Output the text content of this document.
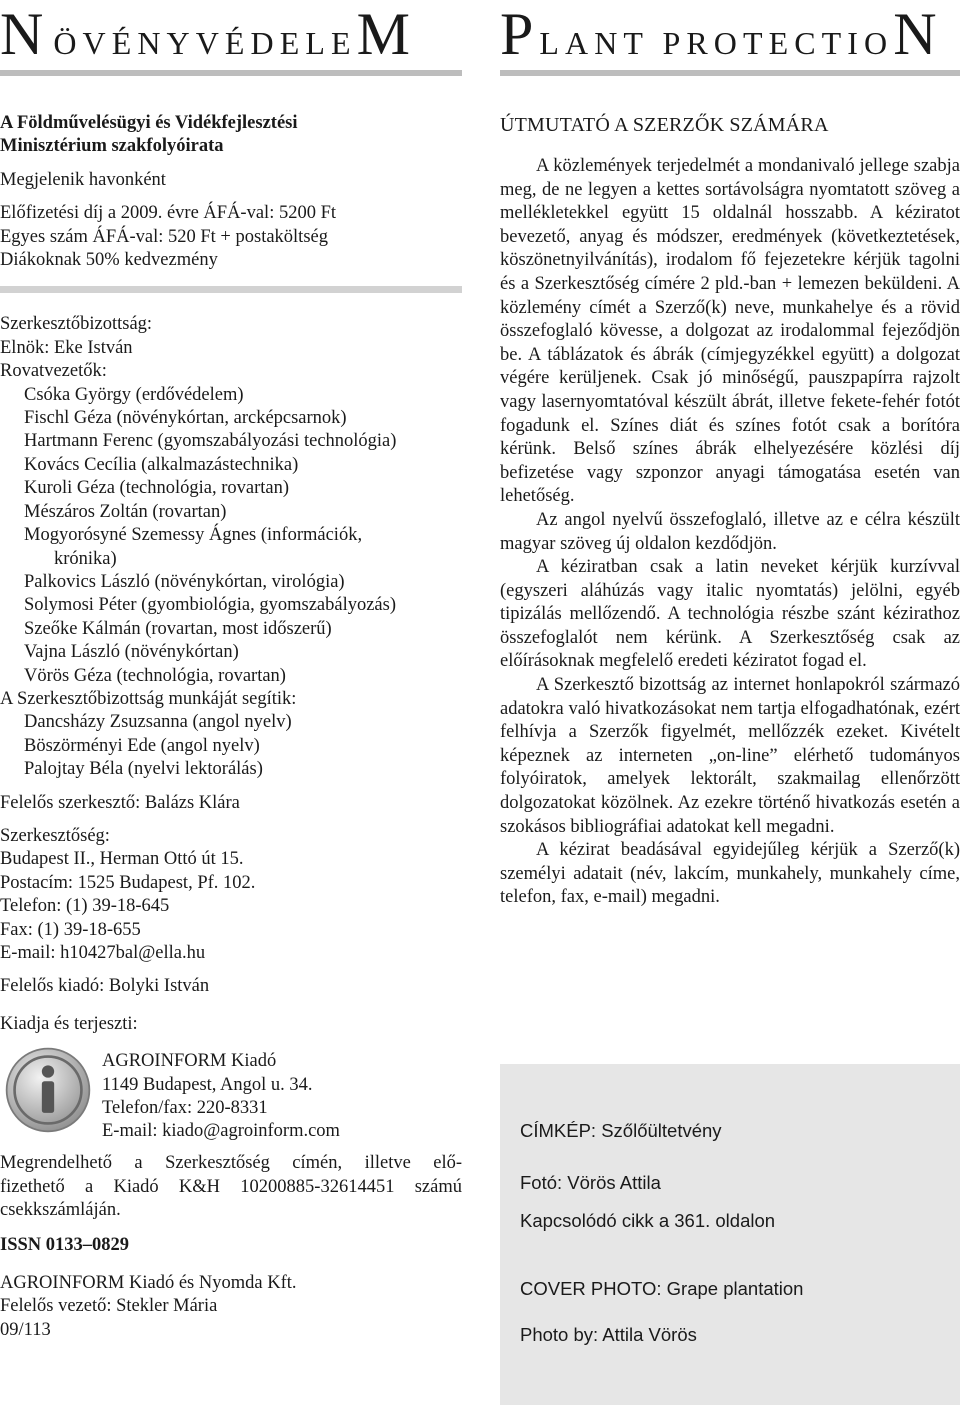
NÖVÉNYVÉDELEM
A Földművelésügyi és Vidékfejlesztési
Minisztérium szakfolyóirata
Megjelenik havonként
Előfizetési díj a 2009. évre ÁFÁ-val: 5200 Ft
Egyes szám ÁFÁ-val: 520 Ft + postaköltség
Diákoknak 50% kedvezmény
Szerkesztőbizottság:
Elnök: Eke István
Rovatvezetők:
Csóka György (erdővédelem)
Fischl Géza (növénykórtan, arcképcsarnok)
Hartmann Ferenc (gyomszabályozási technológia)
Kovács Cecília (alkalmazástechnika)
Kuroli Géza (technológia, rovartan)
Mészáros Zoltán (rovartan)
Mogyorósyné Szemessy Ágnes (információk,
krónika)
Palkovics László (növénykórtan, virológia)
Solymosi Péter (gyombiológia, gyomszabályozás)
Szeőke Kálmán (rovartan, most időszerű)
Vajna László (növénykórtan)
Vörös Géza (technológia, rovartan)
A Szerkesztőbizottság munkáját segítik:
Dancsházy Zsuzsanna (angol nyelv)
Böszörményi Ede (angol nyelv)
Palojtay Béla (nyelvi lektorálás)
Felelős szerkesztő: Balázs Klára
Szerkesztőség:
Budapest II., Herman Ottó út 15.
Postacím: 1525 Budapest, Pf. 102.
Telefon: (1) 39-18-645
Fax: (1) 39-18-655
E-mail: h10427bal@ella.hu
Felelős kiadó: Bolyki István
Kiadja és terjeszti:
AGROINFORM Kiadó
1149 Budapest, Angol u. 34.
Telefon/fax: 220-8331
E-mail: kiado@agroinform.com
Megrendelhető a Szerkesztőség címén, illetve elő-
fizethető a Kiadó K&H 10200885-32614451 számú
csekkszámláján.
ISSN 0133–0829
AGROINFORM Kiadó és Nyomda Kft.
Felelős vezető: Stekler Mária
09/113
PLANT PROTECTION
ÚTMUTATÓ A SZERZŐK SZÁMÁRA

A közlemények terjedelmét a mondanivaló jellege szabja meg, de ne legyen a kettes sortávolságra nyomtatott szöveg a mellékletekkel együtt 15 oldalnál hosszabb. A kéziratot bevezető, anyag és módszer, eredmények (következtetések, köszönetnyilvánítás), irodalom fő fejezetekre kérjük tagolni és a Szerkesztőség címére 2 pld.-ban + lemezen beküldeni. A közlemény címét a Szerző(k) neve, munkahelye és a rövid összefoglaló kövesse, a dolgozat az irodalommal fejeződjön be. A táblázatok és ábrák (címjegyzékkel együtt) a dolgozat végére kerüljenek. Csak jó minőségű, pauszpapírra rajzolt vagy lasernyomtatóval készült ábrát, illetve fekete-fehér fotót fogadunk el. Színes diát és színes fotót csak a borítóra kérünk. Belső színes ábrák elhelyezésére közlési díj befizetése vagy szponzor anyagi támogatása esetén van lehetőség.

Az angol nyelvű összefoglaló, illetve az e célra készült magyar szöveg új oldalon kezdődjön.

A kéziratban csak a latin neveket kérjük kurzívval (egyszeri aláhúzás vagy italic nyomtatás) jelölni, egyéb tipizálás mellőzendő. A technológia részbe szánt kézirathoz összefoglalót nem kérünk. A Szerkesztőség csak az előírásoknak megfelelő eredeti kéziratot fogad el.

A Szerkesztő bizottság az internet honlapokról származó adatokra való hivatkozásokat nem tartja elfogadhatónak, ezért felhívja a Szerzők figyelmét, mellőzzék ezeket. Kivételt képeznek az interneten „on-line” elérhető tudományos folyóiratok, amelyek lektorált, szakmailag ellenőrzött dolgozatokat közölnek. Az ezekre történő hivatkozás esetén a szokásos bibliográfiai adatokat kell megadni.

A kézirat beadásával egyidejűleg kérjük a Szerző(k) személyi adatait (név, lakcím, munkahely, munkahely címe, telefon, fax, e-mail) megadni.

CÍMKÉP: Szőlőültetvény
Fotó: Vörös Attila
Kapcsolódó cikk a 361. oldalon
COVER PHOTO: Grape plantation
Photo by: Attila Vörös
